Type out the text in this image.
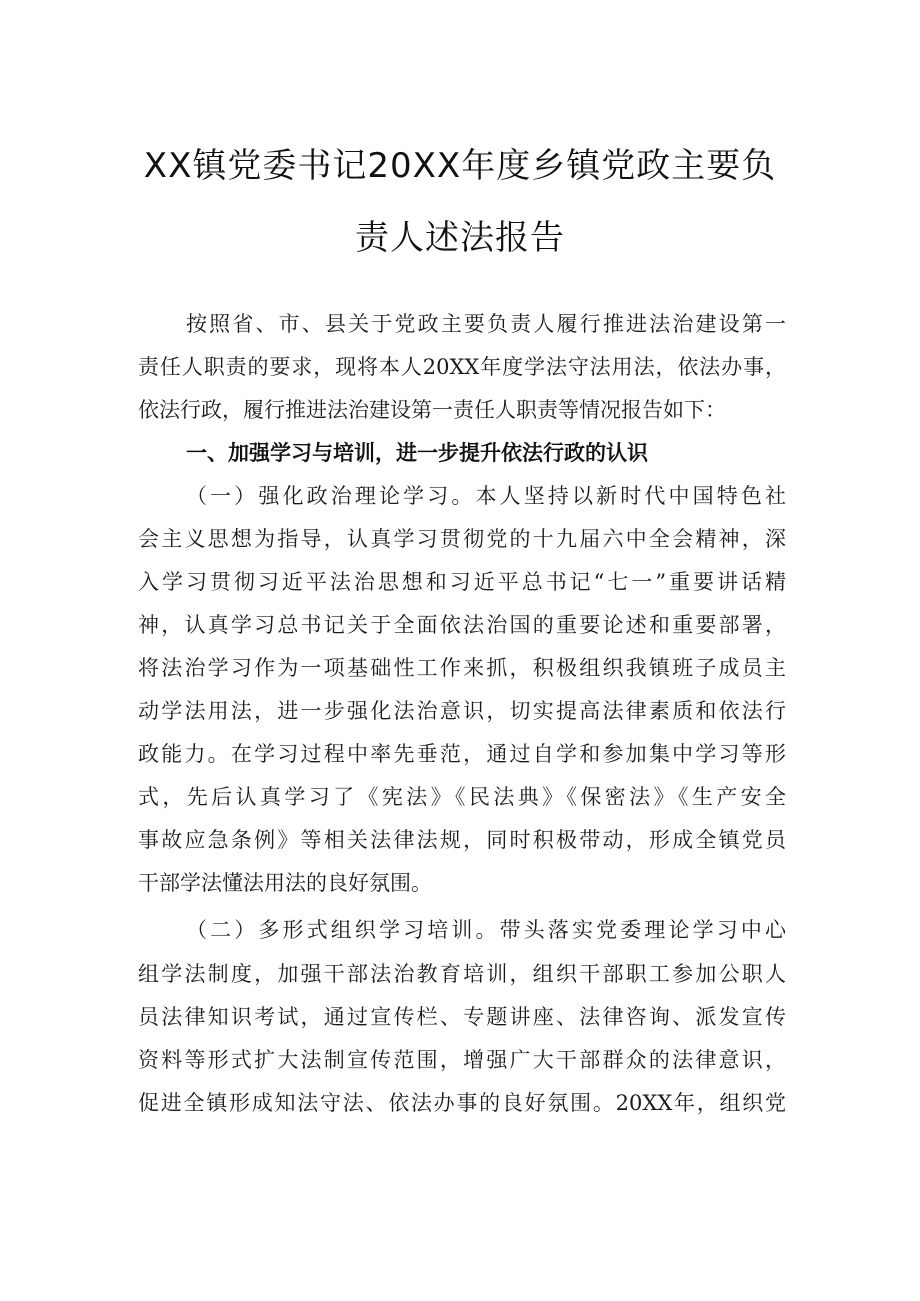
XX镇党委书记20XX年度乡镇党政主要负
责人述法报告

按照省、市、县关于党政主要负责人履行推进法治建设第一

责任人职责的要求，现将本人20XX年度学法守法用法，依法办事，

依法行政，履行推进法治建设第一责任人职责等情况报告如下：

一、加强学习与培训，进一步提升依法行政的认识

（一）强化政治理论学习。本人坚持以新时代中国特色社

会主义思想为指导，认真学习贯彻党的十九届六中全会精神，深

入学习贯彻习近平法治思想和习近平总书记“七一”重要讲话精

神，认真学习总书记关于全面依法治国的重要论述和重要部署，

将法治学习作为一项基础性工作来抓，积极组织我镇班子成员主

动学法用法，进一步强化法治意识，切实提高法律素质和依法行

政能力。在学习过程中率先垂范，通过自学和参加集中学习等形

式，先后认真学习了《宪法》《民法典》《保密法》《生产安全

事故应急条例》等相关法律法规，同时积极带动，形成全镇党员

干部学法懂法用法的良好氛围。

（二）多形式组织学习培训。带头落实党委理论学习中心

组学法制度，加强干部法治教育培训，组织干部职工参加公职人

员法律知识考试，通过宣传栏、专题讲座、法律咨询、派发宣传

资料等形式扩大法制宣传范围，增强广大干部群众的法律意识，

促进全镇形成知法守法、依法办事的良好氛围。20XX年，组织党
